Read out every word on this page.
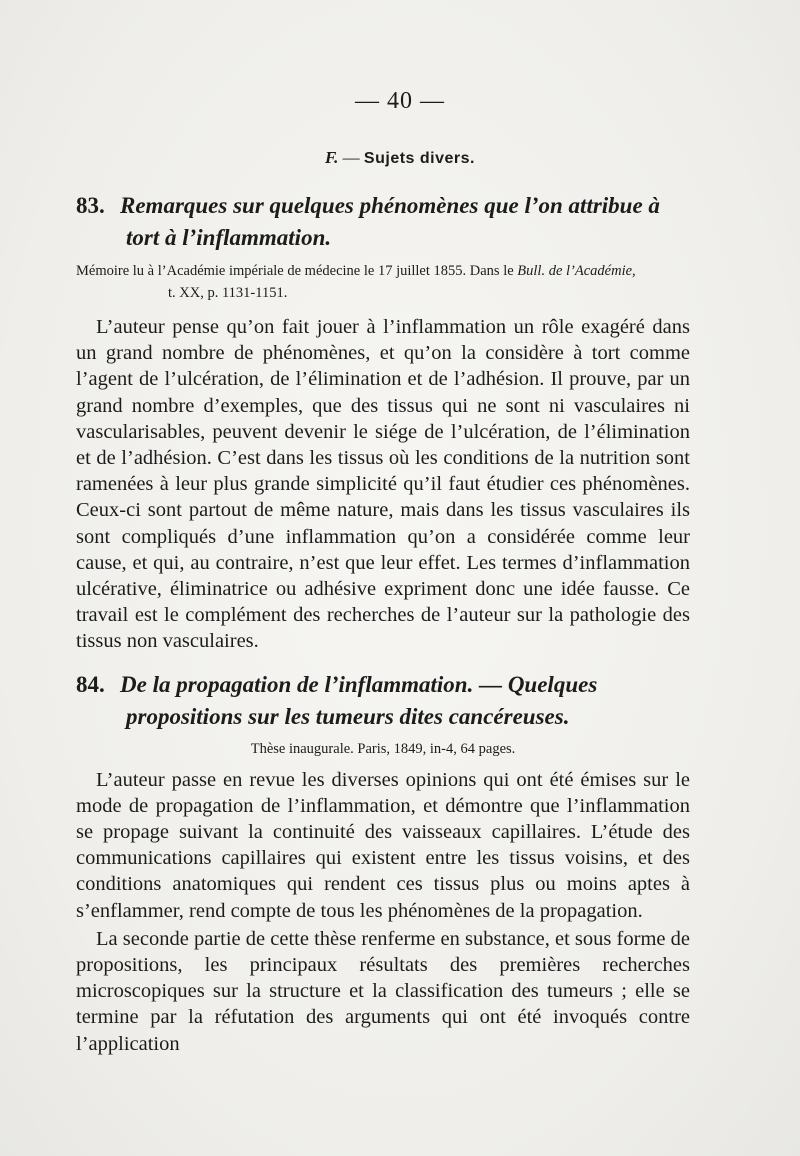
— 40 —
F. — Sujets divers.
83. Remarques sur quelques phénomènes que l’on attribue à tort à l’inflammation.

Mémoire lu à l’Académie impériale de médecine le 17 juillet 1855. Dans le Bull. de l’Académie,
t. XX, p. 1131-1151.

L’auteur pense qu’on fait jouer à l’inflammation un rôle exagéré dans un grand nombre de phénomènes, et qu’on la considère à tort comme l’agent de l’ulcération, de l’élimination et de l’adhésion. Il prouve, par un grand nombre d’exemples, que des tissus qui ne sont ni vasculaires ni vascularisables, peuvent devenir le siége de l’ulcération, de l’élimination et de l’adhésion. C’est dans les tissus où les conditions de la nutrition sont ramenées à leur plus grande simplicité qu’il faut étudier ces phénomènes. Ceux-ci sont partout de même nature, mais dans les tissus vasculaires ils sont compliqués d’une inflammation qu’on a considérée comme leur cause, et qui, au contraire, n’est que leur effet. Les termes d’inflammation ulcérative, éliminatrice ou adhésive expriment donc une idée fausse. Ce travail est le complément des recherches de l’auteur sur la pathologie des tissus non vasculaires.

84. De la propagation de l’inflammation. — Quelques propositions sur les tumeurs dites cancéreuses.

Thèse inaugurale. Paris, 1849, in-4, 64 pages.

L’auteur passe en revue les diverses opinions qui ont été émises sur le mode de propagation de l’inflammation, et démontre que l’inflammation se propage suivant la continuité des vaisseaux capillaires. L’étude des communications capillaires qui existent entre les tissus voisins, et des conditions anatomiques qui rendent ces tissus plus ou moins aptes à s’enflammer, rend compte de tous les phénomènes de la propagation.

La seconde partie de cette thèse renferme en substance, et sous forme de propositions, les principaux résultats des premières recherches microscopiques sur la structure et la classification des tumeurs ; elle se termine par la réfutation des arguments qui ont été invoqués contre l’application
